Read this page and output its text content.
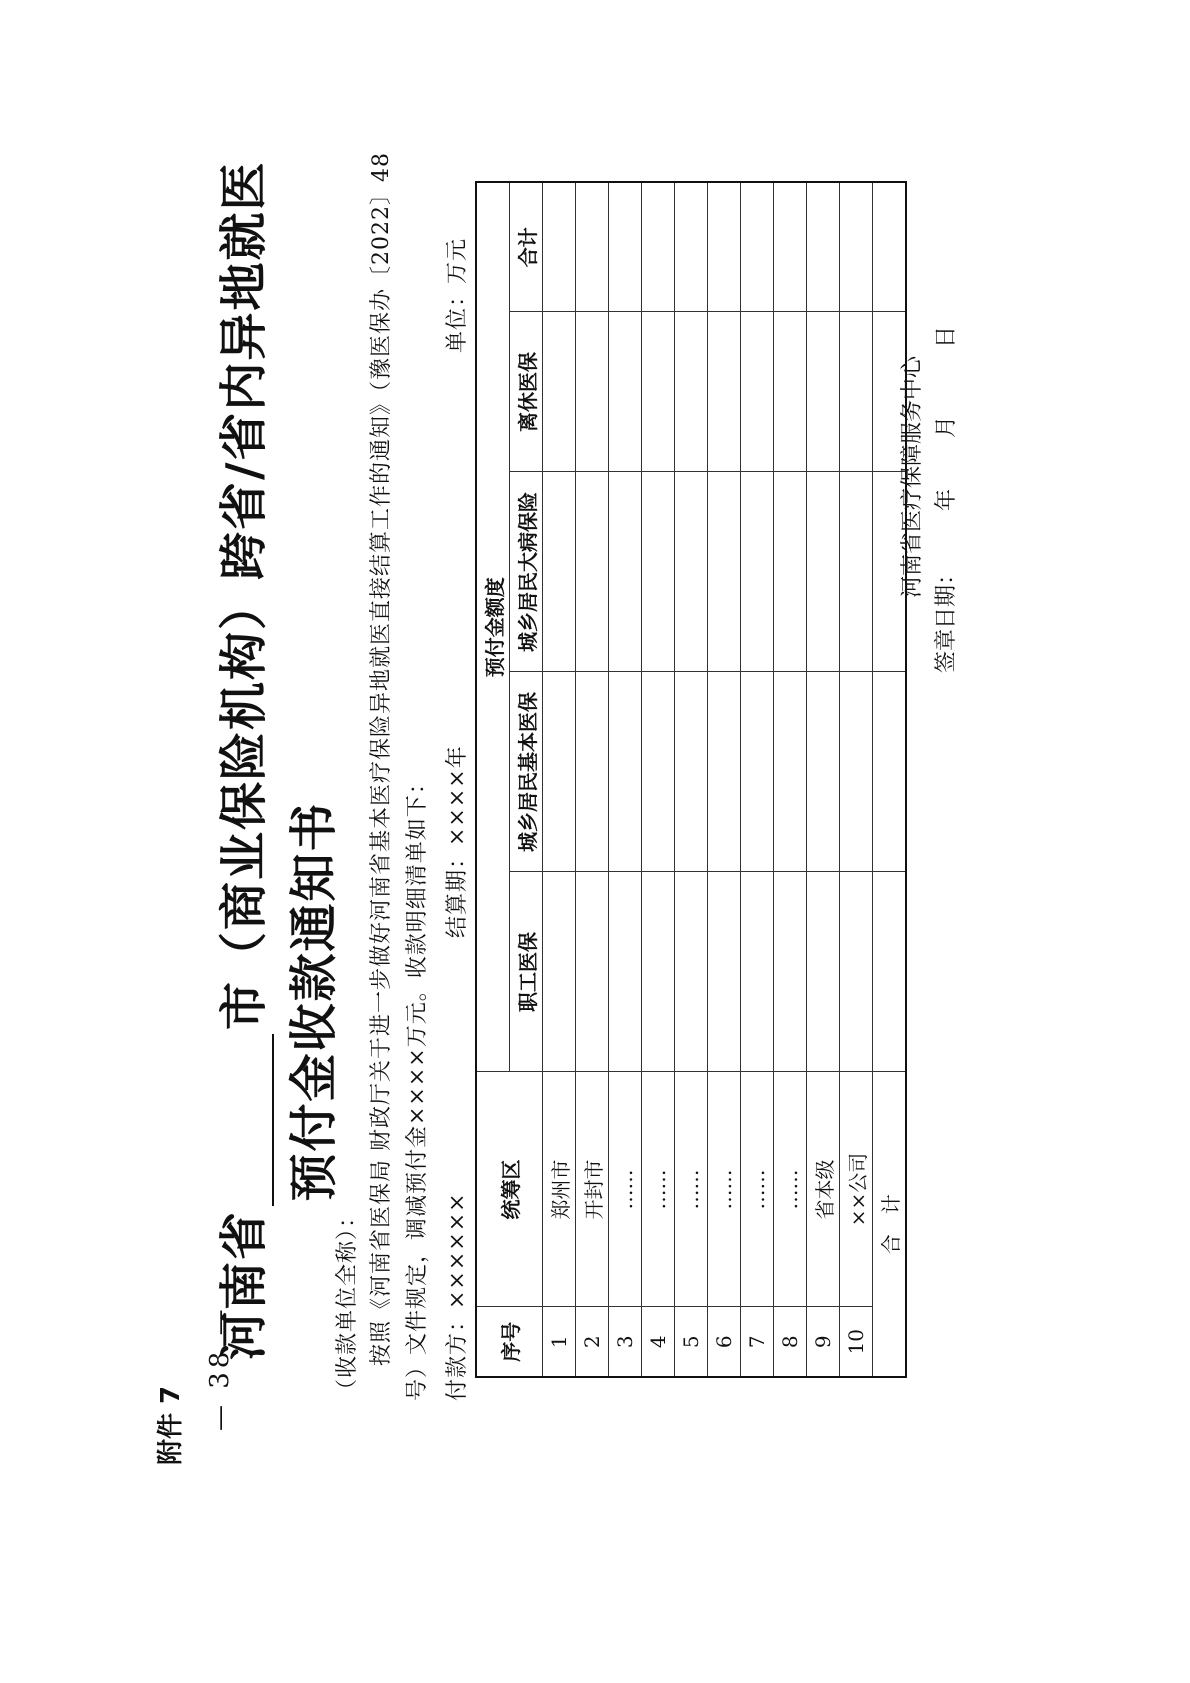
附件 7 — 38 —
河南省
市（商业保险机构）跨省/省内异地就医 预付金收款通知书
（收款单位全称）： 按照《河南省医保局 财政厅关于进一步做好河南省基本医疗保险异地就医直接结算工作的通知》（豫医保办〔2022〕48 号）文件规定，调减预付金××××万元。收款明细清单如下： 付款方：××××××
结算期：××××年
单位：万元
序号	统筹区	预付金额度				
		职工医保	城乡居民基本医保	城乡居民大病保险	离休医保	合计
1	郑州市					
2	开封市					
3	……					
4	……					
5	……					
6	……					
7	……					
8	……					
9	省本级					
10	××公司					
合　计						
河南省医疗保障服务中心
签章日期：
年
月
日
